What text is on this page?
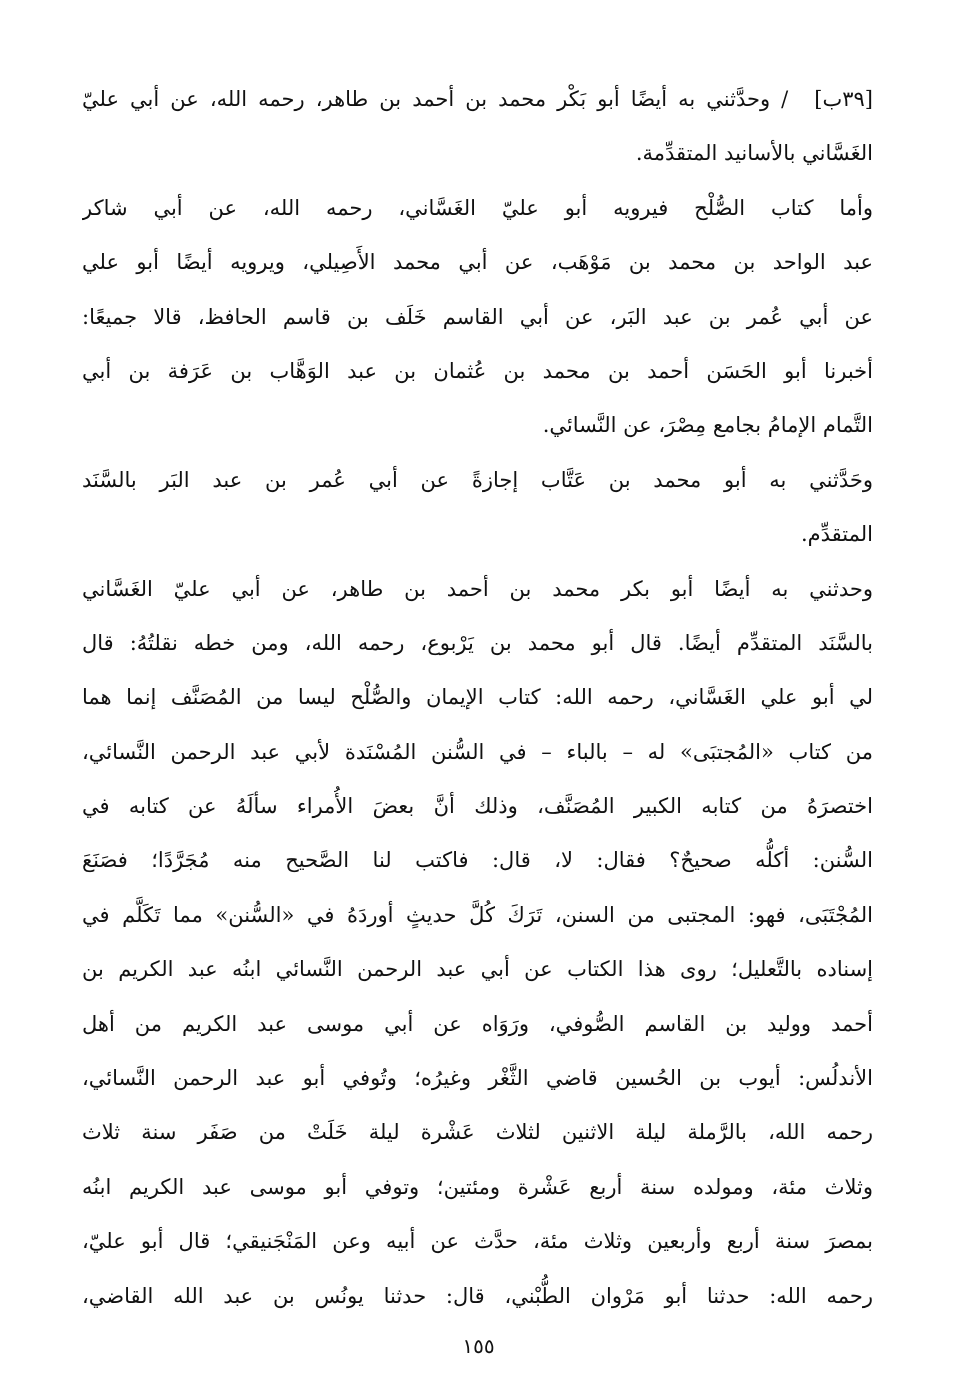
[٣٩ب]/ وحدَّثني به أيضًا أبو بَكْر محمد بن أحمد بن طاهر، رحمه الله، عن أبي عليّ
الغَسَّاني بالأسانيد المتقدِّمة.
وأما كتاب الصُّلْح فيرويه أبو عليّ الغَسَّاني، رحمه الله، عن أبي شاكر
عبد الواحد بن محمد بن مَوْهَب، عن أبي محمد الأَصِيلي، ويرويه أيضًا أبو علي
عن أبي عُمر بن عبد البَر، عن أبي القاسم خَلَف بن قاسم الحافظ، قالا جميعًا:
أخبرنا أبو الحَسَن أحمد بن محمد بن عُثمان بن عبد الوَهَّاب بن عَرَفة بن أبي
التَّمام الإمامُ بجامع مِصْرَ، عن النَّسائي.
وحَدَّثني به أبو محمد بن عَتَّاب إجازةً عن أبي عُمر بن عبد البَر بالسَّنَد
المتقدِّم.
وحدثني به أيضًا أبو بكر محمد بن أحمد بن طاهر، عن أبي عليّ الغَسَّاني
بالسَّنَد المتقدِّم أيضًا. قال أبو محمد بن يَرْبوع، رحمه الله، ومن خطه نقلتُهُ: قال
لي أبو علي الغَسَّاني، رحمه الله: كتاب الإيمان والصُّلْح ليسا من المُصَنَّف إنما هما
من كتاب «المُجتبَى» له – بالباء – في السُّنن المُسْنَدة لأبي عبد الرحمن النَّسائي،
اختصرَهُ من كتابه الكبير المُصَنَّف، وذلك أنَّ بعضَ الأُمراء سألَهُ عن كتابه في
السُّنن: أكلُّه صحيحٌ؟ فقال: لا، قال: فاكتب لنا الصَّحيح منه مُجَرَّدًا؛ فصَنَعَ
المُجْتَبَى، فهو: المجتبى من السنن، تَرَكَ كُلَّ حديثٍ أوردَهُ في «السُّنن» مما تَكَلَّم في
إسناده بالتَّعليل؛ روى هذا الكتاب عن أبي عبد الرحمن النَّسائي ابنُه عبد الكريم بن
أحمد ووليد بن القاسم الصُّوفي، ورَوَاه عن أبي موسى عبد الكريم من أهل
الأندلُس: أيوب بن الحُسين قاضي الثَّغْر وغيرُه؛ وتُوفي أبو عبد الرحمن النَّسائي،
رحمه الله، بالرَّملة ليلة الاثنين لثلاث عَشْرة ليلة خَلَتْ من صَفَر سنة ثلاث
وثلاث مئة، ومولده سنة أربع عَشْرة ومئتين؛ وتوفي أبو موسى عبد الكريم ابنُه
بمصرَ سنة أربع وأربعين وثلاث مئة، حدَّث عن أبيه وعن المَنْجَنيقي؛ قال أبو عليّ،
رحمه الله: حدثنا أبو مَرْوان الطُّبْني، قال: حدثنا يونُس بن عبد الله القاضي،
١٥٥
